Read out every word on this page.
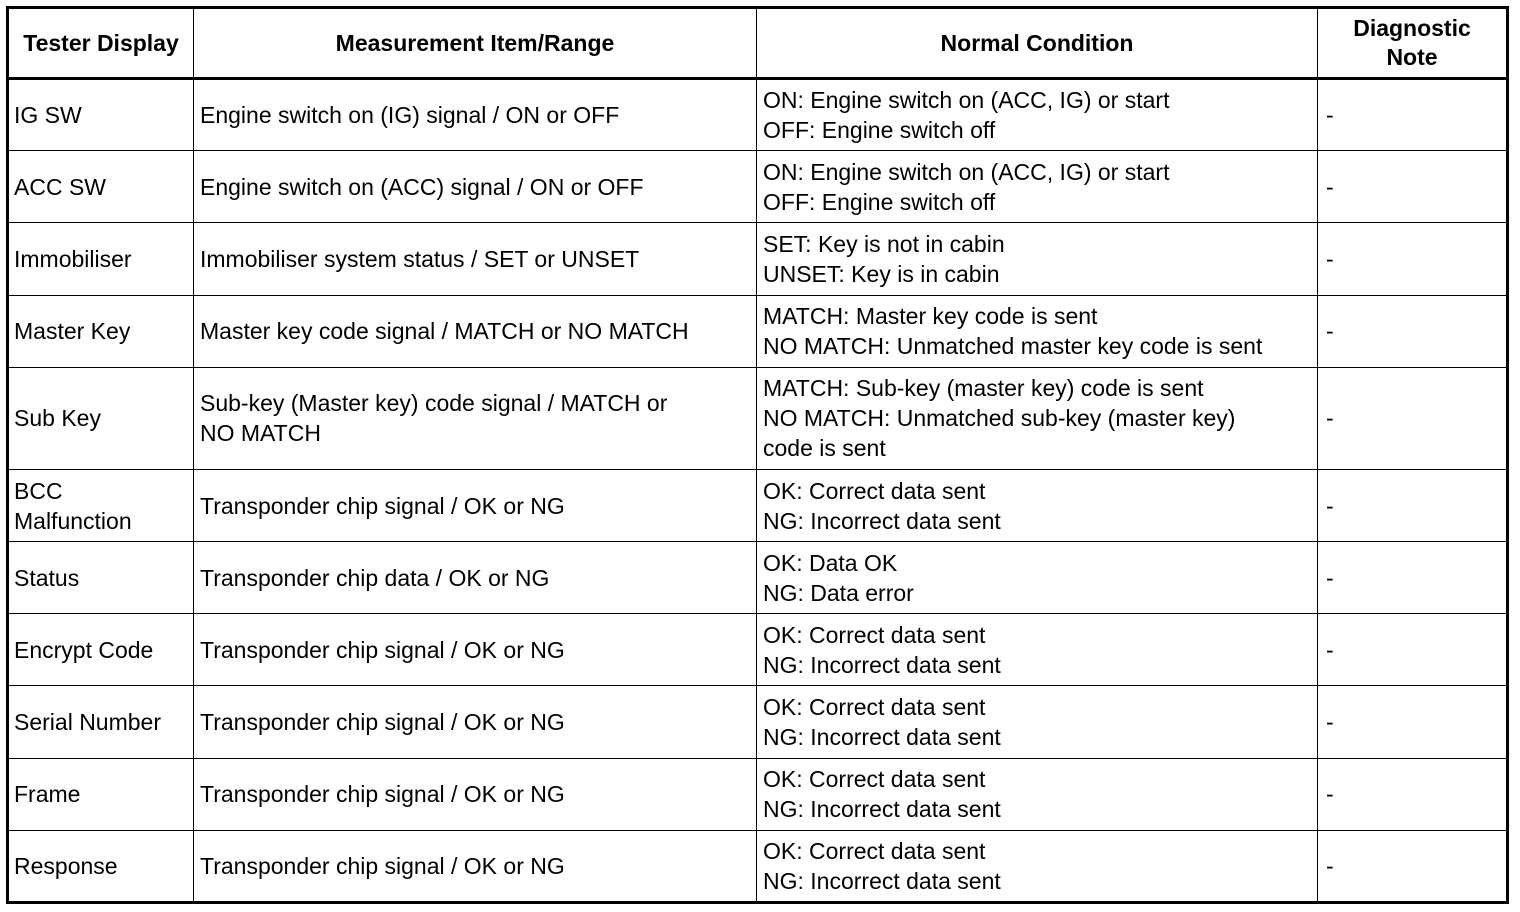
Tester Display	Measurement Item/Range	Normal Condition	Diagnostic
Note

IG SW	Engine switch on (IG) signal / ON or OFF	ON: Engine switch on (ACC, IG) or start
OFF: Engine switch off	-
ACC SW	Engine switch on (ACC) signal / ON or OFF	ON: Engine switch on (ACC, IG) or start
OFF: Engine switch off	-
Immobiliser	Immobiliser system status / SET or UNSET	SET: Key is not in cabin
UNSET: Key is in cabin	-
Master Key	Master key code signal / MATCH or NO MATCH	MATCH: Master key code is sent
NO MATCH: Unmatched master key code is sent	-
Sub Key	Sub-key (Master key) code signal / MATCH or
NO MATCH	MATCH: Sub-key (master key) code is sent
NO MATCH: Unmatched sub-key (master key)
code is sent	-

BCC
Malfunction	Transponder chip signal / OK or NG	OK: Correct data sent
NG: Incorrect data sent	-
Status	Transponder chip data / OK or NG	OK: Data OK
NG: Data error	-
Encrypt Code	Transponder chip signal / OK or NG	OK: Correct data sent
NG: Incorrect data sent	-
Serial Number	Transponder chip signal / OK or NG	OK: Correct data sent
NG: Incorrect data sent	-
Frame	Transponder chip signal / OK or NG	OK: Correct data sent
NG: Incorrect data sent	-
Response	Transponder chip signal / OK or NG	OK: Correct data sent
NG: Incorrect data sent	-
